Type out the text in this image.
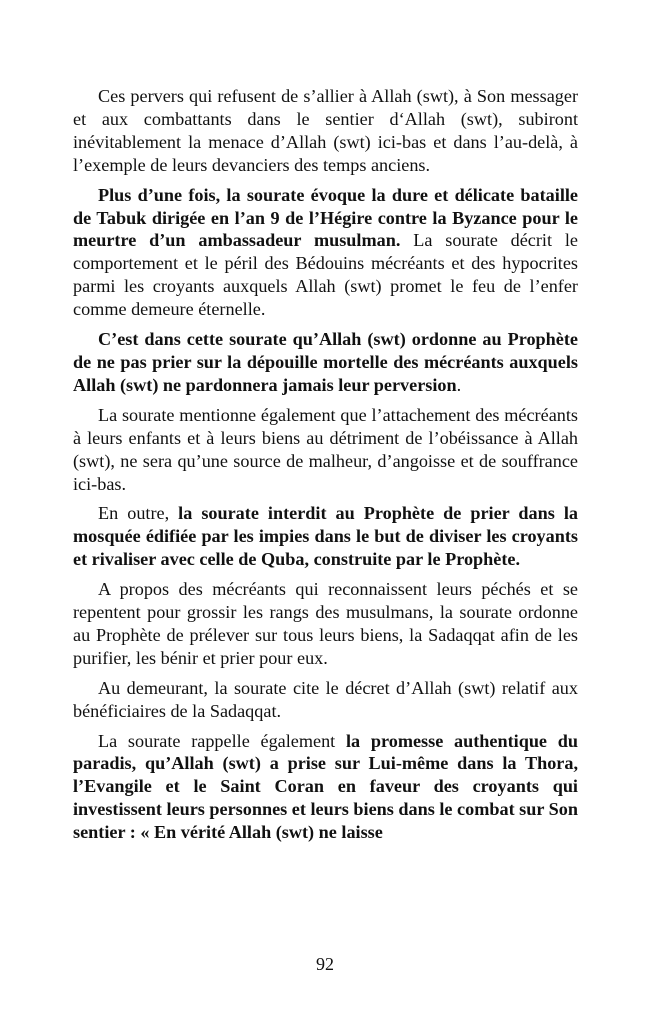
Ces pervers qui refusent de s’allier à Allah (swt), à Son messager et aux combattants dans le sentier d‘Allah (swt), subiront inévitablement la menace d’Allah (swt) ici-bas et dans l’au-delà, à l’exemple de leurs devanciers des temps anciens.

Plus d’une fois, la sourate évoque la dure et délicate bataille de Tabuk dirigée en l’an 9 de l’Hégire contre la Byzance pour le meurtre d’un ambassadeur musulman. La sourate décrit le comportement et le péril des Bédouins mécréants et des hypocrites parmi les croyants auxquels Allah (swt) promet le feu de l’enfer comme demeure éternelle.

C’est dans cette sourate qu’Allah (swt) ordonne au Prophète de ne pas prier sur la dépouille mortelle des mécréants auxquels Allah (swt) ne pardonnera jamais leur perversion.

La sourate mentionne également que l’attachement des mécréants à leurs enfants et à leurs biens au détriment de l’obéissance à Allah (swt), ne sera qu’une source de malheur, d’angoisse et de souffrance ici-bas.

En outre, la sourate interdit au Prophète de prier dans la mosquée édifiée par les impies dans le but de diviser les croyants et rivaliser avec celle de Quba, construite par le Prophète.

A propos des mécréants qui reconnaissent leurs péchés et se repentent pour grossir les rangs des musulmans, la sourate ordonne au Prophète de prélever sur tous leurs biens, la Sadaqqat afin de les purifier, les bénir et prier pour eux.

Au demeurant, la sourate cite le décret d’Allah (swt) relatif aux bénéficiaires de la Sadaqqat.

La sourate rappelle également la promesse authentique du paradis, qu’Allah (swt) a prise sur Lui-même dans la Thora, l’Evangile et le Saint Coran en faveur des croyants qui investissent leurs personnes et leurs biens dans le combat sur Son sentier : « En vérité Allah (swt) ne laisse

92
